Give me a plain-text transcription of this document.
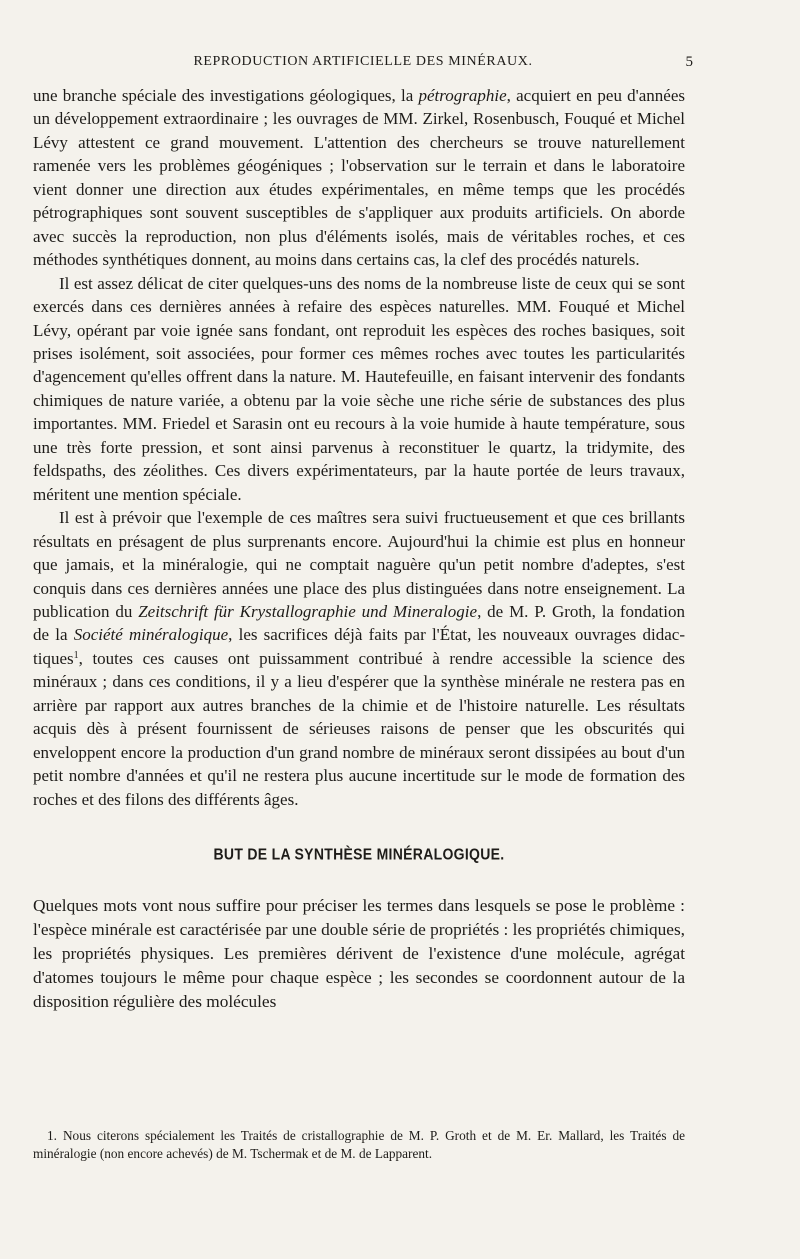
REPRODUCTION ARTIFICIELLE DES MINÉRAUX.	5

une branche spéciale des investigations géologiques, la pétrographie, acquiert en peu d'années un développement extraordinaire ; les ouvrages de MM. Zirkel, Rosenbusch, Fouqué et Michel Lévy attestent ce grand mouvement. L'attention des chercheurs se trouve naturellement ramenée vers les problèmes géogéniques ; l'observation sur le terrain et dans le laboratoire vient donner une direction aux études expérimentales, en même temps que les procédés pétrographiques sont souvent susceptibles de s'appliquer aux produits artificiels. On aborde avec succès la reproduction, non plus d'éléments isolés, mais de véritables roches, et ces méthodes synthétiques donnent, au moins dans certains cas, la clef des procédés naturels.

Il est assez délicat de citer quelques-uns des noms de la nombreuse liste de ceux qui se sont exercés dans ces dernières années à refaire des espèces naturelles. MM. Fouqué et Michel Lévy, opérant par voie ignée sans fondant, ont reproduit les espèces des roches basiques, soit prises isolément, soit associées, pour former ces mêmes roches avec toutes les particularités d'agencement qu'elles offrent dans la nature. M. Hautefeuille, en faisant intervenir des fondants chimiques de nature variée, a obtenu par la voie sèche une riche série de substances des plus importantes. MM. Friedel et Sarasin ont eu recours à la voie humide à haute température, sous une très forte pression, et sont ainsi parvenus à reconstituer le quartz, la tridymite, des feldspaths, des zéolithes. Ces divers expérimentateurs, par la haute portée de leurs travaux, méritent une mention spéciale.

Il est à prévoir que l'exemple de ces maîtres sera suivi fructueusement et que ces brillants résultats en présagent de plus surprenants encore. Aujourd'hui la chimie est plus en honneur que jamais, et la minéralogie, qui ne comptait naguère qu'un petit nombre d'adeptes, s'est conquis dans ces dernières années une place des plus distinguées dans notre enseignement. La publication du Zeitschrift für Krystallographie und Mineralogie, de M. P. Groth, la fondation de la Société minéralogique, les sacrifices déjà faits par l'État, les nouveaux ouvrages didactiques$^1$, toutes ces causes ont puissamment contribué à rendre accessible la science des minéraux ; dans ces conditions, il y a lieu d'espérer que la synthèse minérale ne restera pas en arrière par rapport aux autres branches de la chimie et de l'histoire naturelle. Les résultats acquis dès à présent fournissent de sérieuses raisons de penser que les obscurités qui enveloppent encore la production d'un grand nombre de minéraux seront dissipées au bout d'un petit nombre d'années et qu'il ne restera plus aucune incertitude sur le mode de formation des roches et des filons des différents âges.

BUT DE LA SYNTHÈSE MINÉRALOGIQUE.

Quelques mots vont nous suffire pour préciser les termes dans lesquels se pose le problème : l'espèce minérale est caractérisée par une double série de propriétés : les propriétés chimiques, les propriétés physiques. Les premières dérivent de l'existence d'une molécule, agrégat d'atomes toujours le même pour chaque espèce ; les secondes se coordonnent autour de la disposition régulière des molécules

1. Nous citerons spécialement les Traités de cristallographie de M. P. Groth et de M. Er. Mallard, les Traités de minéralogie (non encore achevés) de M. Tschermak et de M. de Lapparent.
